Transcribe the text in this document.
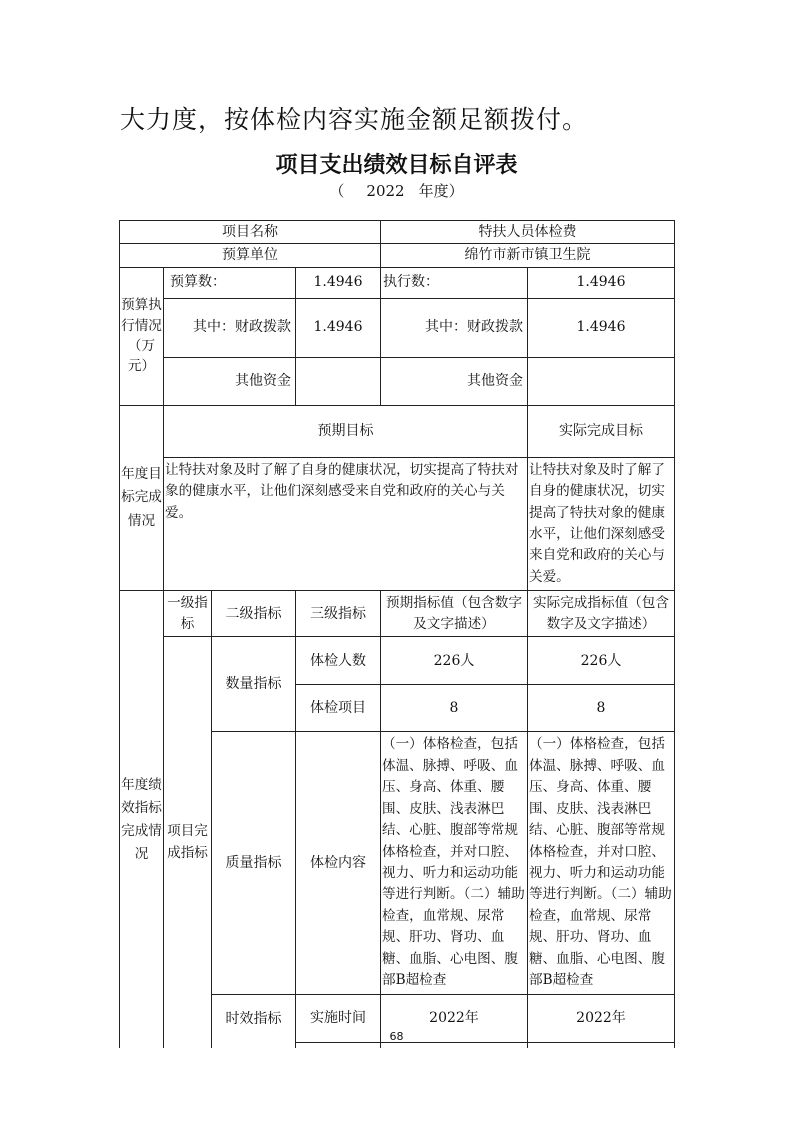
大力度，按体检内容实施金额足额拨付。
项目支出绩效目标自评表
（ 2022 年度）
项目名称				特扶人员体检费	
预算单位				绵竹市新市镇卫生院	
预算执行情况（万元）	预算数：		1.4946	执行数：	1.4946
	其中：财政拨款		1.4946	其中：财政拨款	1.4946
	其他资金			其他资金	
年度目标完成情况	预期目标				实际完成目标
	让特扶对象及时了解了自身的健康状况，切实提高了特扶对象的健康水平，让他们深刻感受来自党和政府的关心与关爱。				让特扶对象及时了解了自身的健康状况，切实提高了特扶对象的健康水平，让他们深刻感受来自党和政府的关心与关爱。
年度绩效指标完成情况	一级指标	二级指标	三级指标	预期指标值（包含数字及文字描述）	实际完成指标值（包含数字及文字描述）
	项目完成指标	数量指标	体检人数	226人	226人
			体检项目	8	8
		质量指标	体检内容	（一）体格检查，包括体温、脉搏、呼吸、血压、身高、体重、腰围、皮肤、浅表淋巴结、心脏、腹部等常规体格检查，并对口腔、视力、听力和运动功能等进行判断。（二）辅助检查，血常规、尿常规、肝功、肾功、血糖、血脂、心电图、腹部B超检查	（一）体格检查，包括体温、脉搏、呼吸、血压、身高、体重、腰围、皮肤、浅表淋巴结、心脏、腹部等常规体格检查，并对口腔、视力、听力和运动功能等进行判断。（二）辅助检查，血常规、尿常规、肝功、肾功、血糖、血脂、心电图、腹部B超检查
		时效指标	实施时间	2022年	2022年

68
